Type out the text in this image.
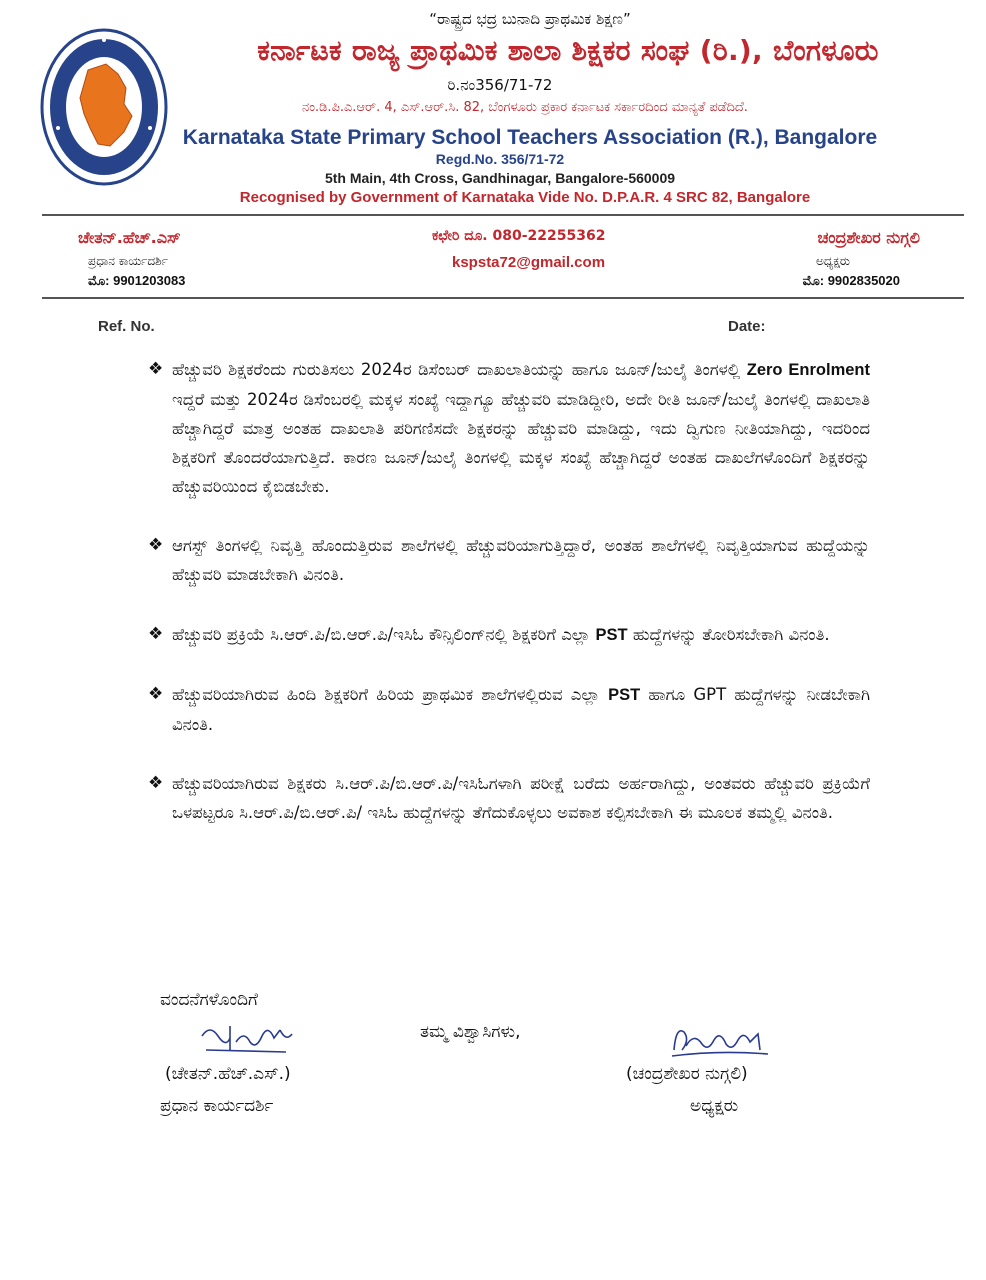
“ರಾಷ್ಟ್ರದ ಭದ್ರ ಬುನಾದಿ ಪ್ರಾಥಮಿಕ ಶಿಕ್ಷಣ”
ಕರ್ನಾಟಕ ರಾಜ್ಯ ಪ್ರಾಥಮಿಕ ಶಾಲಾ ಶಿಕ್ಷಕರ ಸಂಘ (ರಿ.), ಬೆಂಗಳೂರು
ರಿ.ನಂ356/71-72
ನಂ.ಡಿ.ಪಿ.ಎ.ಆರ್. 4, ಎಸ್.ಆರ್.ಸಿ. 82, ಬೆಂಗಳೂರು ಪ್ರಕಾರ ಕರ್ನಾಟಕ ಸರ್ಕಾರದಿಂದ ಮಾನ್ಯತೆ ಪಡೆದಿದೆ.
Karnataka State Primary School Teachers Association (R.), Bangalore
Regd.No. 356/71-72
5th Main, 4th Cross, Gandhinagar, Bangalore-560009
Recognised by Government of Karnataka Vide No. D.P.A.R. 4 SRC 82, Bangalore
ಚೇತನ್.ಹೆಚ್.ಎಸ್
ಪ್ರಧಾನ ಕಾರ್ಯದರ್ಶಿ
ಮೊ: 9901203083
ಕಛೇರಿ ದೂ. 080-22255362
kspsta72@gmail.com
ಚಂದ್ರಶೇಖರ ನುಗ್ಗಲಿ
ಅಧ್ಯಕ್ಷರು
ಮೊ: 9902835020
Ref. No.	Date:
❖ ಹೆಚ್ಚುವರಿ ಶಿಕ್ಷಕರೆಂದು ಗುರುತಿಸಲು 2024ರ ಡಿಸೆಂಬರ್ ದಾಖಲಾತಿಯನ್ನು ಹಾಗೂ ಜೂನ್/ಜುಲೈ ತಿಂಗಳಲ್ಲಿ Zero Enrolment ಇದ್ದರೆ ಮತ್ತು 2024ರ ಡಿಸೆಂಬರಲ್ಲಿ ಮಕ್ಕಳ ಸಂಖ್ಯೆ ಇದ್ದಾಗ್ಯೂ ಹೆಚ್ಚುವರಿ ಮಾಡಿದ್ದೀರಿ, ಅದೇ ರೀತಿ ಜೂನ್/ಜುಲೈ ತಿಂಗಳಲ್ಲಿ ದಾಖಲಾತಿ ಹೆಚ್ಚಾಗಿದ್ದರೆ ಮಾತ್ರ ಅಂತಹ ದಾಖಲಾತಿ ಪರಿಗಣಿಸದೇ ಶಿಕ್ಷಕರನ್ನು ಹೆಚ್ಚುವರಿ ಮಾಡಿದ್ದು, ಇದು ದ್ವಿಗುಣ ನೀತಿಯಾಗಿದ್ದು, ಇದರಿಂದ ಶಿಕ್ಷಕರಿಗೆ ತೊಂದರೆಯಾಗುತ್ತಿದೆ. ಕಾರಣ ಜೂನ್/ಜುಲೈ ತಿಂಗಳಲ್ಲಿ ಮಕ್ಕಳ ಸಂಖ್ಯೆ ಹೆಚ್ಚಾಗಿದ್ದರೆ ಅಂತಹ ದಾಖಲೆಗಳೊಂದಿಗೆ ಶಿಕ್ಷಕರನ್ನು ಹೆಚ್ಚುವರಿಯಿಂದ ಕೈಬಿಡಬೇಕು.
❖ ಆಗಸ್ಟ್ ತಿಂಗಳಲ್ಲಿ ನಿವೃತ್ತಿ ಹೊಂದುತ್ತಿರುವ ಶಾಲೆಗಳಲ್ಲಿ ಹೆಚ್ಚುವರಿಯಾಗುತ್ತಿದ್ದಾರೆ, ಅಂತಹ ಶಾಲೆಗಳಲ್ಲಿ ನಿವೃತ್ತಿಯಾಗುವ ಹುದ್ದೆಯನ್ನು ಹೆಚ್ಚುವರಿ ಮಾಡಬೇಕಾಗಿ ವಿನಂತಿ.
❖ ಹೆಚ್ಚುವರಿ ಪ್ರಕ್ರಿಯೆ ಸಿ.ಆರ್.ಪಿ/ಬಿ.ಆರ್.ಪಿ/ಇಸಿಓ ಕೌನ್ಸಿಲಿಂಗ್‌ನಲ್ಲಿ ಶಿಕ್ಷಕರಿಗೆ ಎಲ್ಲಾ PST ಹುದ್ದೆಗಳನ್ನು ತೋರಿಸಬೇಕಾಗಿ ವಿನಂತಿ.
❖ ಹೆಚ್ಚುವರಿಯಾಗಿರುವ ಹಿಂದಿ ಶಿಕ್ಷಕರಿಗೆ ಹಿರಿಯ ಪ್ರಾಥಮಿಕ ಶಾಲೆಗಳಲ್ಲಿರುವ ಎಲ್ಲಾ PST ಹಾಗೂ GPT ಹುದ್ದೆಗಳನ್ನು ನೀಡಬೇಕಾಗಿ ವಿನಂತಿ.
❖ ಹೆಚ್ಚುವರಿಯಾಗಿರುವ ಶಿಕ್ಷಕರು ಸಿ.ಆರ್.ಪಿ/ಬಿ.ಆರ್.ಪಿ/ಇಸಿಓಗಳಾಗಿ ಪರೀಕ್ಷೆ ಬರೆದು ಅರ್ಹರಾಗಿದ್ದು, ಅಂತವರು ಹೆಚ್ಚುವರಿ ಪ್ರಕ್ರಿಯೆಗೆ ಒಳಪಟ್ಟರೂ ಸಿ.ಆರ್.ಪಿ/ಬಿ.ಆರ್.ಪಿ/ ಇಸಿಓ ಹುದ್ದೆಗಳನ್ನು ತೆಗೆದುಕೊಳ್ಳಲು ಅವಕಾಶ ಕಲ್ಪಿಸಬೇಕಾಗಿ ಈ ಮೂಲಕ ತಮ್ಮಲ್ಲಿ ವಿನಂತಿ.
ವಂದನೆಗಳೊಂದಿಗೆ
ತಮ್ಮ ವಿಶ್ವಾಸಿಗಳು,
(ಚೇತನ್.ಹೆಚ್.ಎಸ್.)
ಪ್ರಧಾನ ಕಾರ್ಯದರ್ಶಿ
(ಚಂದ್ರಶೇಖರ ನುಗ್ಗಲಿ)
ಅಧ್ಯಕ್ಷರು
